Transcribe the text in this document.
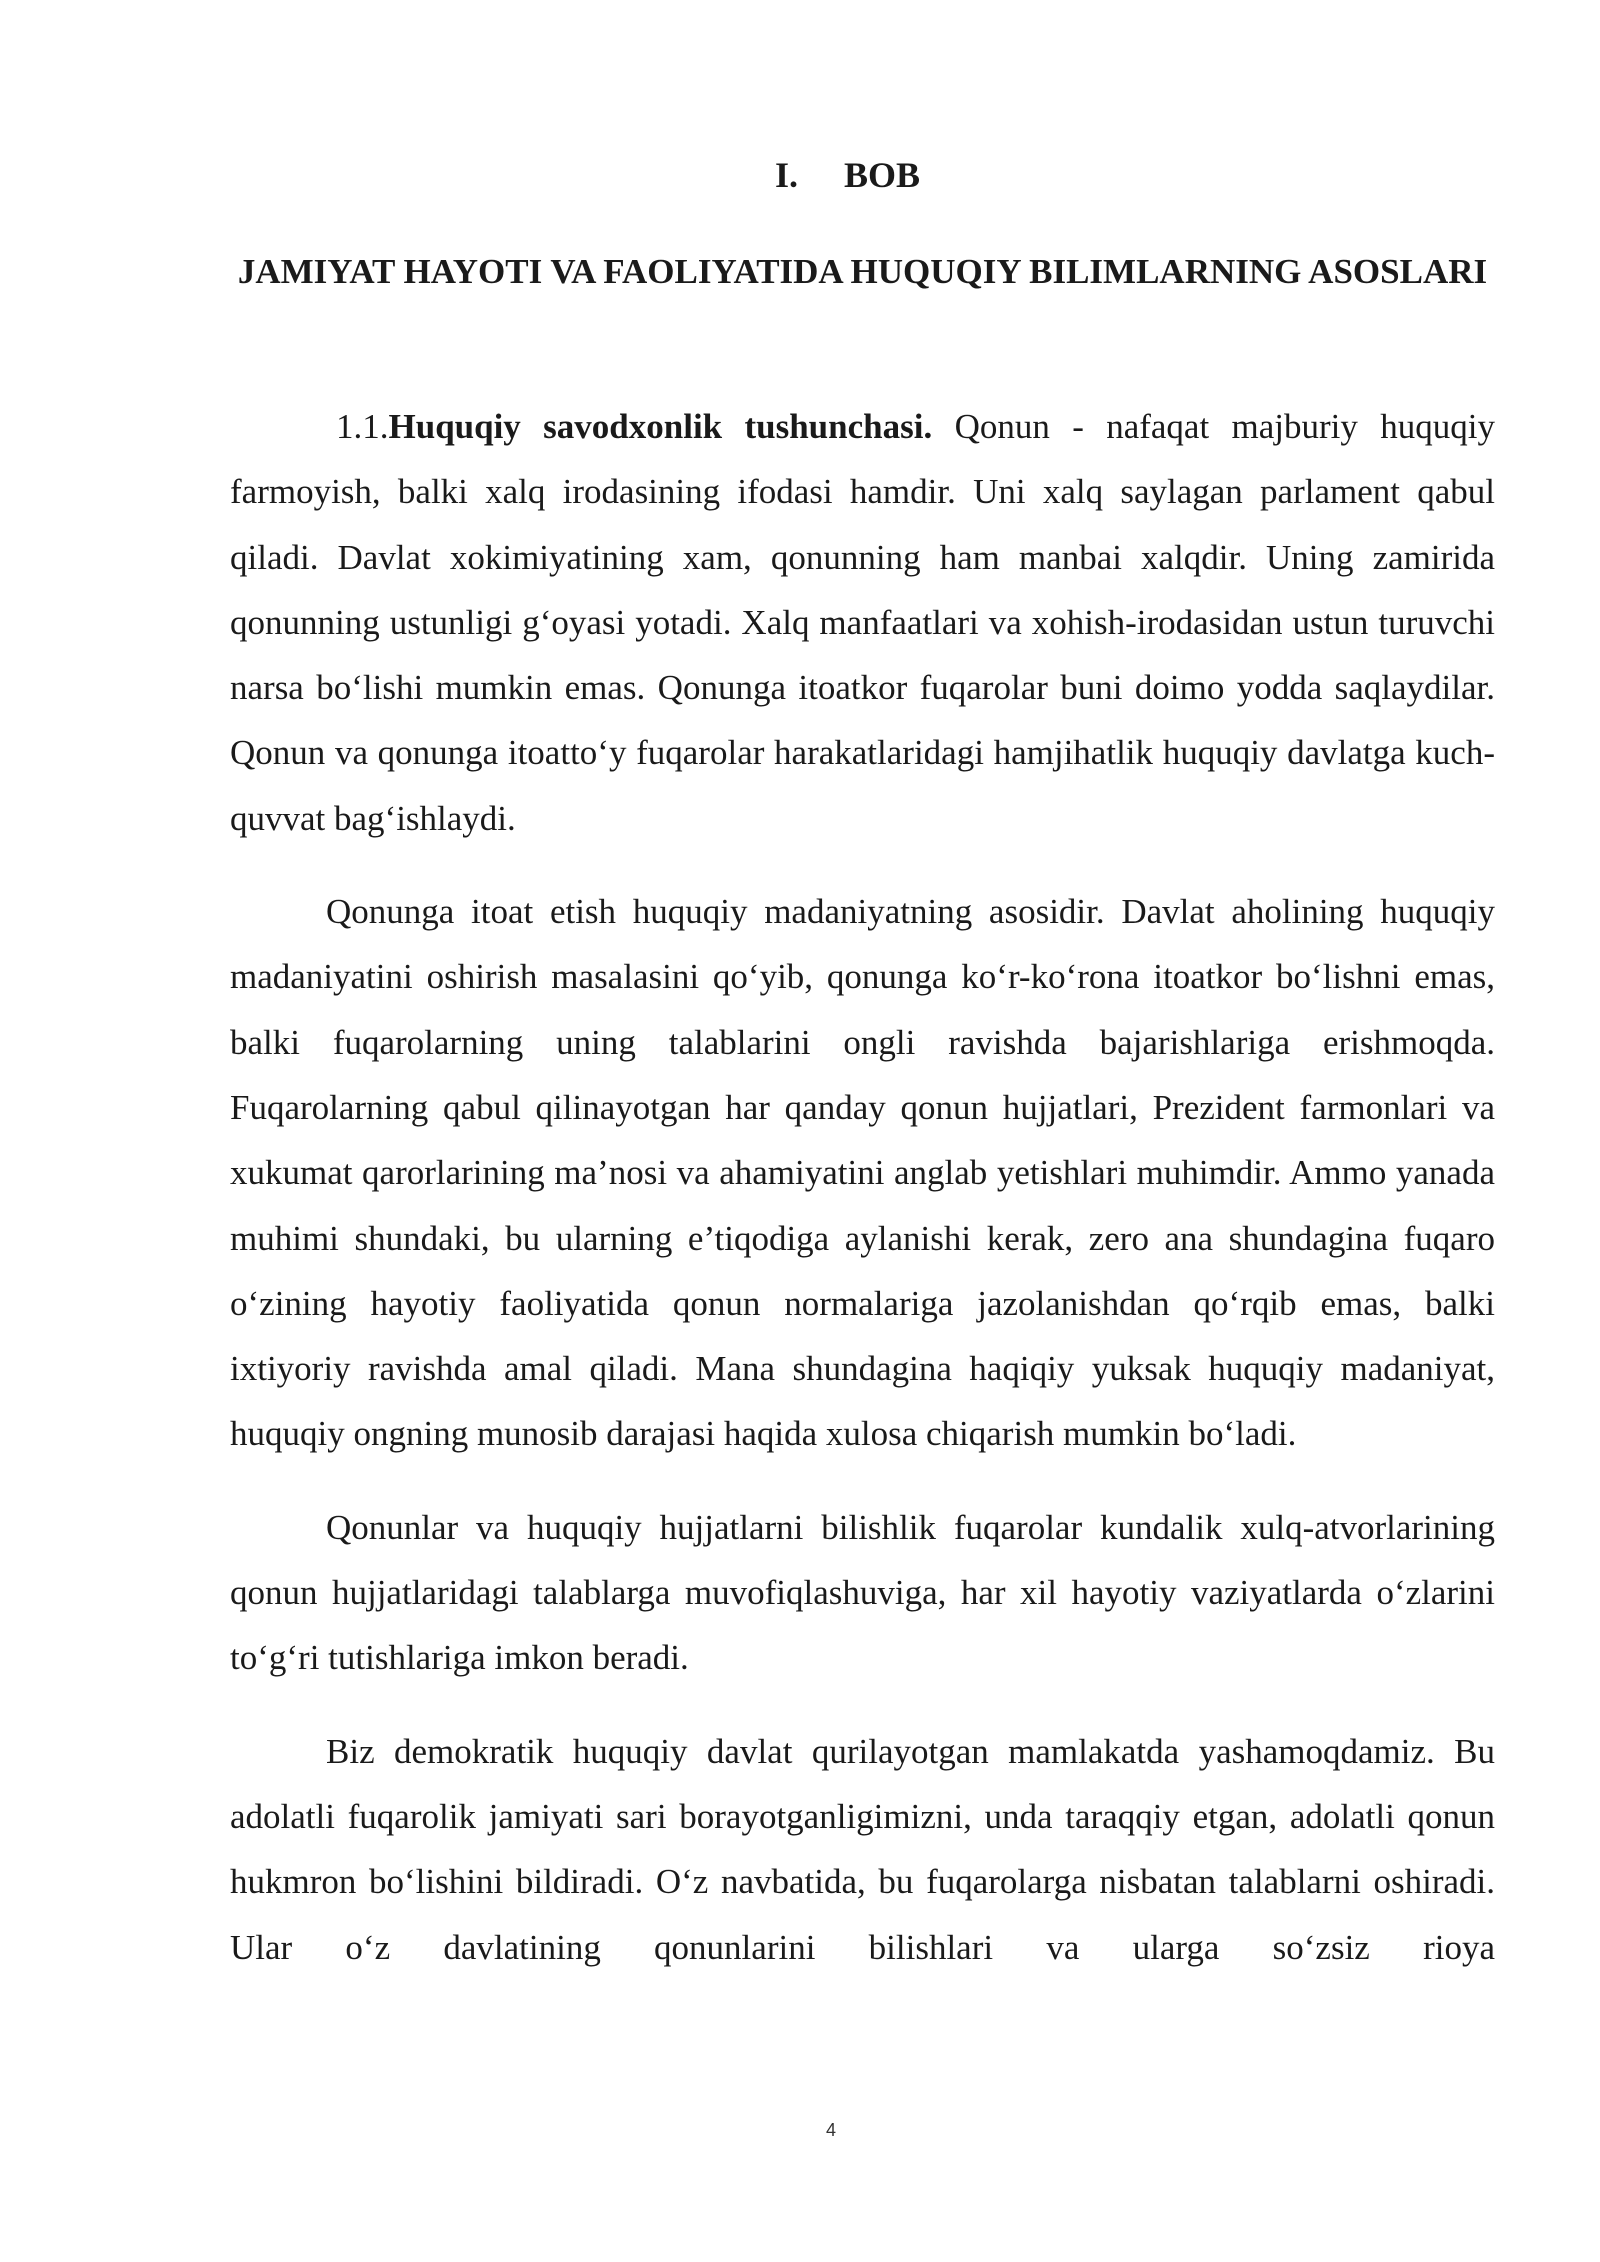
I. BOB
JAMIYAT HAYOTI VA FAOLIYATIDA HUQUQIY BILIMLARNING ASOSLARI

1.1.Huquqiy savodxonlik tushunchasi. Qonun - nafaqat majburiy huquqiy farmoyish, balki xalq irodasining ifodasi hamdir. Uni xalq saylagan parlament qabul qiladi. Davlat xokimiyatining xam, qonunning ham manbai xalqdir. Uning zamirida qonunning ustunligi g‘oyasi yotadi. Xalq manfaatlari va xohish-irodasidan ustun turuvchi narsa bo‘lishi mumkin emas. Qonunga itoatkor fuqarolar buni doimo yodda saqlaydilar. Qonun va qonunga itoatto‘y fuqarolar harakatlaridagi hamjihatlik huquqiy davlatga kuch-quvvat bag‘ishlaydi.

Qonunga itoat etish huquqiy madaniyatning asosidir. Davlat aholining huquqiy madaniyatini oshirish masalasini qo‘yib, qonunga ko‘r-ko‘rona itoatkor bo‘lishni emas, balki fuqarolarning uning talablarini ongli ravishda bajarishlariga erishmoqda. Fuqarolarning qabul qilinayotgan har qanday qonun hujjatlari, Prezident farmonlari va xukumat qarorlarining ma’nosi va ahamiyatini anglab yetishlari muhimdir. Ammo yanada muhimi shundaki, bu ularning e’tiqodiga aylanishi kerak, zero ana shundagina fuqaro o‘zining hayotiy faoliyatida qonun normalariga jazolanishdan qo‘rqib emas, balki ixtiyoriy ravishda amal qiladi. Mana shundagina haqiqiy yuksak huquqiy madaniyat, huquqiy ongning munosib darajasi haqida xulosa chiqarish mumkin bo‘ladi.

Qonunlar va huquqiy hujjatlarni bilishlik fuqarolar kundalik xulq-atvorlarining qonun hujjatlaridagi talablarga muvofiqlashuviga, har xil hayotiy vaziyatlarda o‘zlarini to‘g‘ri tutishlariga imkon beradi.

Biz demokratik huquqiy davlat qurilayotgan mamlakatda yashamoqdamiz. Bu adolatli fuqarolik jamiyati sari borayotganligimizni, unda taraqqiy etgan, adolatli qonun hukmron bo‘lishini bildiradi. O‘z navbatida, bu fuqarolarga nisbatan talablarni oshiradi. Ular o‘z davlatining qonunlarini bilishlari va ularga so‘zsiz rioya

4
